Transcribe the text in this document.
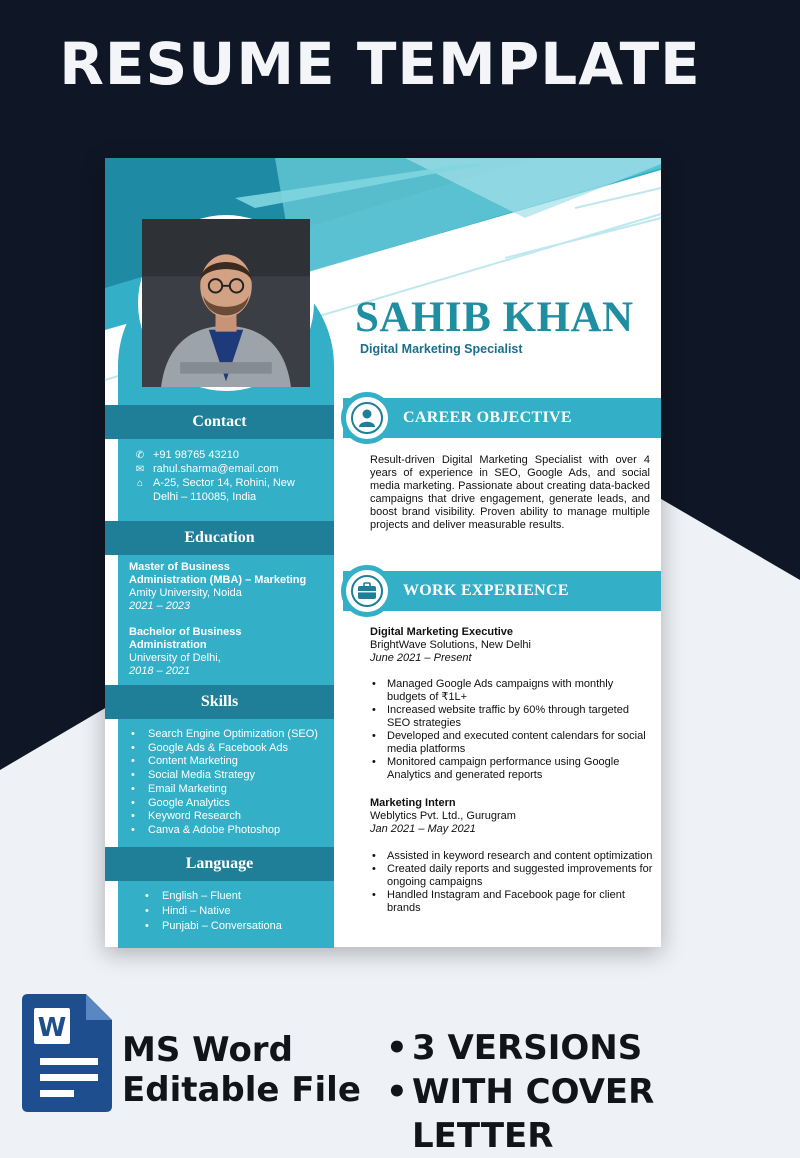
RESUME TEMPLATE
SAHIB KHAN
Digital Marketing Specialist
Contact
✆ +91 98765 43210
✉ rahul.sharma@email.com
⌂ A-25, Sector 14, Rohini, New
Delhi – 110085, India
Education
Master of Business
Administration (MBA) – Marketing
Amity University, Noida
2021 – 2023
Bachelor of Business
Administration
University of Delhi,
2018 – 2021
Skills
• Search Engine Optimization (SEO)
• Google Ads & Facebook Ads
• Content Marketing
• Social Media Strategy
• Email Marketing
• Google Analytics
• Keyword Research
• Canva & Adobe Photoshop
Language
• English – Fluent
• Hindi – Native
• Punjabi – Conversationa
CAREER OBJECTIVE
Result-driven Digital Marketing Specialist with over 4 years of experience in SEO, Google Ads, and social media marketing. Passionate about creating data-backed campaigns that drive engagement, generate leads, and boost brand visibility. Proven ability to manage multiple projects and deliver measurable results.
WORK EXPERIENCE
Digital Marketing Executive
BrightWave Solutions, New Delhi
June 2021 – Present
• Managed Google Ads campaigns with monthly budgets of ₹1L+
• Increased website traffic by 60% through targeted SEO strategies
• Developed and executed content calendars for social media platforms
• Monitored campaign performance using Google Analytics and generated reports
Marketing Intern
Weblytics Pvt. Ltd., Gurugram
Jan 2021 – May 2021
• Assisted in keyword research and content optimization
• Created daily reports and suggested improvements for ongoing campaigns
• Handled Instagram and Facebook page for client brands
W
MS Word
Editable File
• 3 VERSIONS
• WITH COVER LETTER
